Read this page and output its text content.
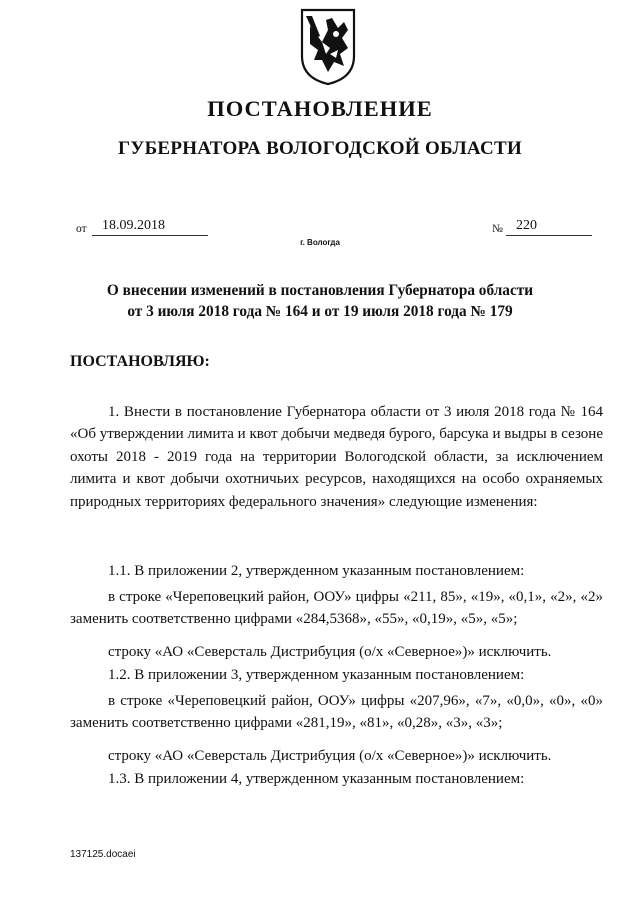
ПОСТАНОВЛЕНИЕ
ГУБЕРНАТОРА ВОЛОГОДСКОЙ ОБЛАСТИ
от	18.09.2018	№ 220
г. Вологда
О внесении изменений в постановления Губернатора области
от 3 июля 2018 года № 164 и от 19 июля 2018 года № 179
ПОСТАНОВЛЯЮ:
1. Внести в постановление Губернатора области от 3 июля 2018 года № 164 «Об утверждении лимита и квот добычи медведя бурого, барсука и выдры в сезоне охоты 2018 - 2019 года на территории Вологодской области, за исключением лимита и квот добычи охотничьих ресурсов, находящихся на особо охраняемых природных территориях федерального значения» следующие изменения:
1.1. В приложении 2, утвержденном указанным постановлением:
в строке «Череповецкий район, ООУ» цифры «211, 85», «19», «0,1», «2», «2» заменить соответственно цифрами «284,5368», «55», «0,19», «5», «5»;
строку «АО «Северсталь Дистрибуция (о/х «Северное»)» исключить.
1.2. В приложении 3, утвержденном указанным постановлением:
в строке «Череповецкий район, ООУ» цифры «207,96», «7», «0,0», «0», «0» заменить соответственно цифрами «281,19», «81», «0,28», «3», «3»;
строку «АО «Северсталь Дистрибуция (о/х «Северное»)» исключить.
1.3. В приложении 4, утвержденном указанным постановлением:
137125.docaei
